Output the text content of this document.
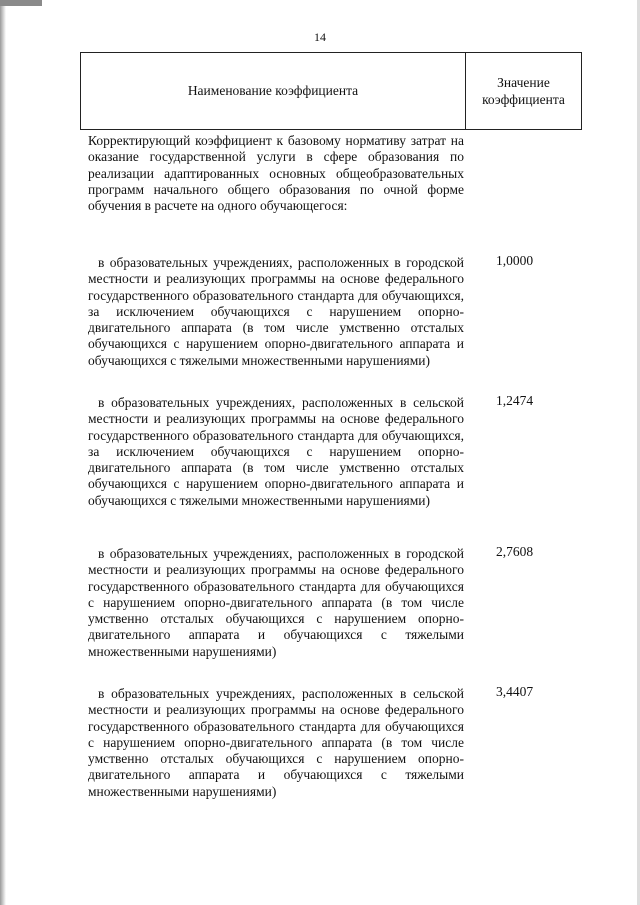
14
Наименование коэффициента
Значение
коэффициента

Корректирующий коэффициент к базовому нормативу затрат на оказание государственной услуги в сфере образования по реализации адаптированных основных общеобразовательных программ начального общего образования по очной форме обучения в расчете на одного обучающегося:

в образовательных учреждениях, расположенных в городской местности и реализующих программы на основе федерального государственного образовательного стандарта для обучающихся, за исключением обучающихся с нарушением опорно-двигательного аппарата (в том числе умственно отсталых обучающихся с нарушением опорно-двигательного аппарата и обучающихся с тяжелыми множественными нарушениями)

1,0000

в образовательных учреждениях, расположенных в сельской местности и реализующих программы на основе федерального государственного образовательного стандарта для обучающихся, за исключением обучающихся с нарушением опорно-двигательного аппарата (в том числе умственно отсталых обучающихся с нарушением опорно-двигательного аппарата и обучающихся с тяжелыми множественными нарушениями)

1,2474

в образовательных учреждениях, расположенных в городской местности и реализующих программы на основе федерального государственного образовательного стандарта для обучающихся с нарушением опорно-двигательного аппарата (в том числе умственно отсталых обучающихся с нарушением опорно-двигательного аппарата и обучающихся с тяжелыми множественными нарушениями)

2,7608

в образовательных учреждениях, расположенных в сельской местности и реализующих программы на основе федерального государственного образовательного стандарта для обучающихся с нарушением опорно-двигательного аппарата (в том числе умственно отсталых обучающихся с нарушением опорно-двигательного аппарата и обучающихся с тяжелыми множественными нарушениями)

3,4407
